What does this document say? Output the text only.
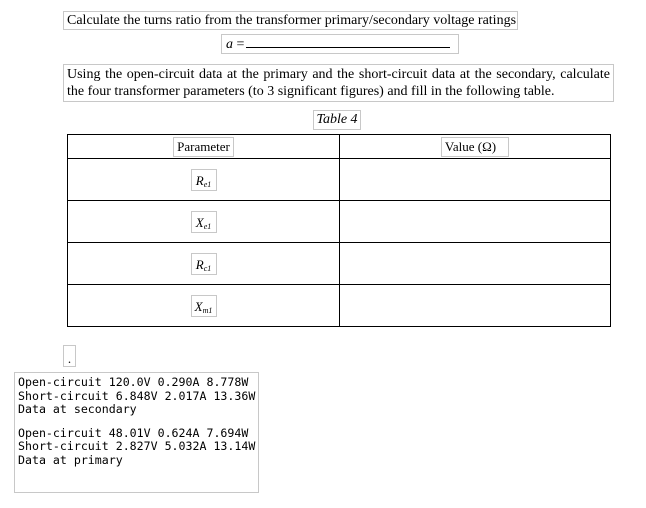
Calculate the turns ratio from the transformer primary/secondary voltage ratings
a =
Using the open-circuit data at the primary and the short-circuit data at the secondary, calculate the four transformer parameters (to 3 significant figures) and fill in the following table.
Table 4
Parameter	Value (Ω)
$R_{e1}$	
$X_{e1}$	
$R_{c1}$	
$X_{m1}$	
.
Open-circuit 120.0V 0.290A 8.778W
Short-circuit 6.848V 2.017A 13.36W
Data at secondary
Open-circuit 48.01V 0.624A 7.694W
Short-circuit 2.827V 5.032A 13.14W
Data at primary
